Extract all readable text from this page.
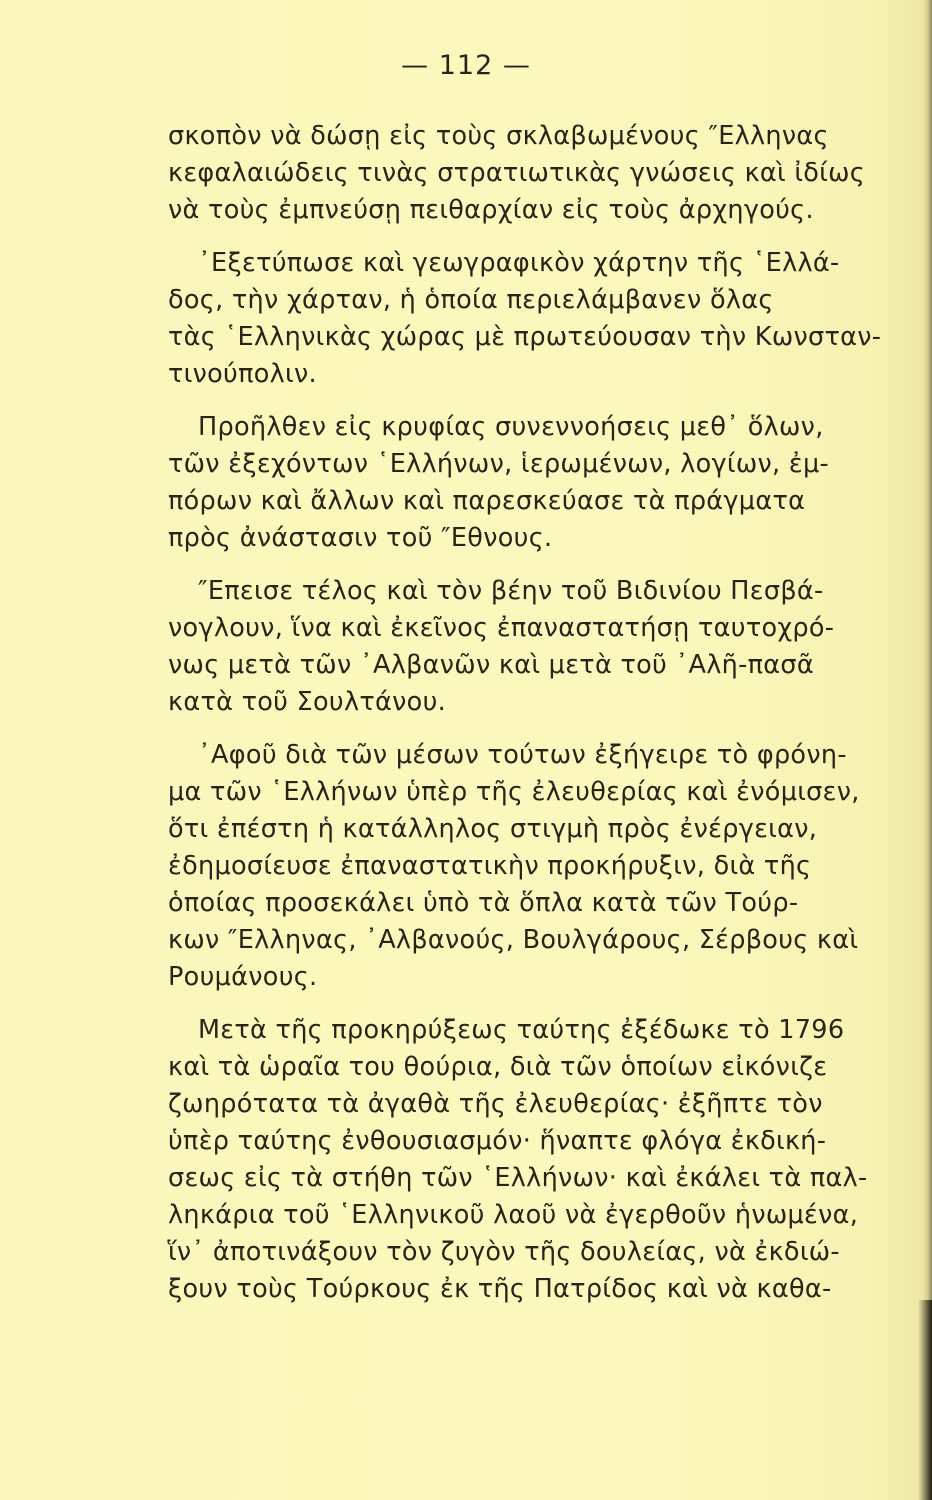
— 112 —
σκοπὸν νὰ δώσῃ εἰς τοὺς σκλαβωμένους ″Ελληνας
κεφαλαιώδεις τινὰς στρατιωτικὰς γνώσεις καὶ ἰδίως
νὰ τοὺς ἐμπνεύσῃ πειθαρχίαν εἰς τοὺς ἀρχηγούς.
᾿Εξετύπωσε καὶ γεωγραφικὸν χάρτην τῆς ῾Ελλά-
δος, τὴν χάρταν, ἡ ὁποία περιελάμβανεν ὅλας
τὰς ῾Ελληνικὰς χώρας μὲ πρωτεύουσαν τὴν Κωνσταν-
τινούπολιν.
Προῆλθεν εἰς κρυφίας συνεννοήσεις μεθ᾽ ὅλων,
τῶν ἐξεχόντων ῾Ελλήνων, ἱερωμένων, λογίων, ἐμ-
πόρων καὶ ἄλλων καὶ παρεσκεύασε τὰ πράγματα
πρὸς ἀνάστασιν τοῦ ″Εθνους.
″Επεισε τέλος καὶ τὸν βέην τοῦ Βιδινίου Πεσβά-
νογλουν, ἵνα καὶ ἐκεῖνος ἐπαναστατήσῃ ταυτοχρό-
νως μετὰ τῶν ᾿Αλβανῶν καὶ μετὰ τοῦ ᾿Αλῆ-πασᾶ
κατὰ τοῦ Σουλτάνου.
᾿Αφοῦ διὰ τῶν μέσων τούτων ἐξήγειρε τὸ φρόνη-
μα τῶν ῾Ελλήνων ὑπὲρ τῆς ἐλευθερίας καὶ ἐνόμισεν,
ὅτι ἐπέστη ἡ κατάλληλος στιγμὴ πρὸς ἐνέργειαν,
ἐδημοσίευσε ἐπαναστατικὴν προκήρυξιν, διὰ τῆς
ὁποίας προσεκάλει ὑπὸ τὰ ὅπλα κατὰ τῶν Τούρ-
κων ″Ελληνας, ᾿Αλβανούς, Βουλγάρους, Σέρβους καὶ
Ρουμάνους.
Μετὰ τῆς προκηρύξεως ταύτης ἐξέδωκε τὸ 1796
καὶ τὰ ὡραῖα του θούρια, διὰ τῶν ὁποίων εἰκόνιζε
ζωηρότατα τὰ ἀγαθὰ τῆς ἐλευθερίας· ἐξῆπτε τὸν
ὑπὲρ ταύτης ἐνθουσιασμόν· ἥναπτε φλόγα ἐκδική-
σεως εἰς τὰ στήθη τῶν ῾Ελλήνων· καὶ ἐκάλει τὰ παλ-
ληκάρια τοῦ ῾Ελληνικοῦ λαοῦ νὰ ἐγερθοῦν ἡνωμένα,
ἵν᾽ ἀποτινάξουν τὸν ζυγὸν τῆς δουλείας, νὰ ἐκδιώ-
ξουν τοὺς Τούρκους ἐκ τῆς Πατρίδος καὶ νὰ καθα-
